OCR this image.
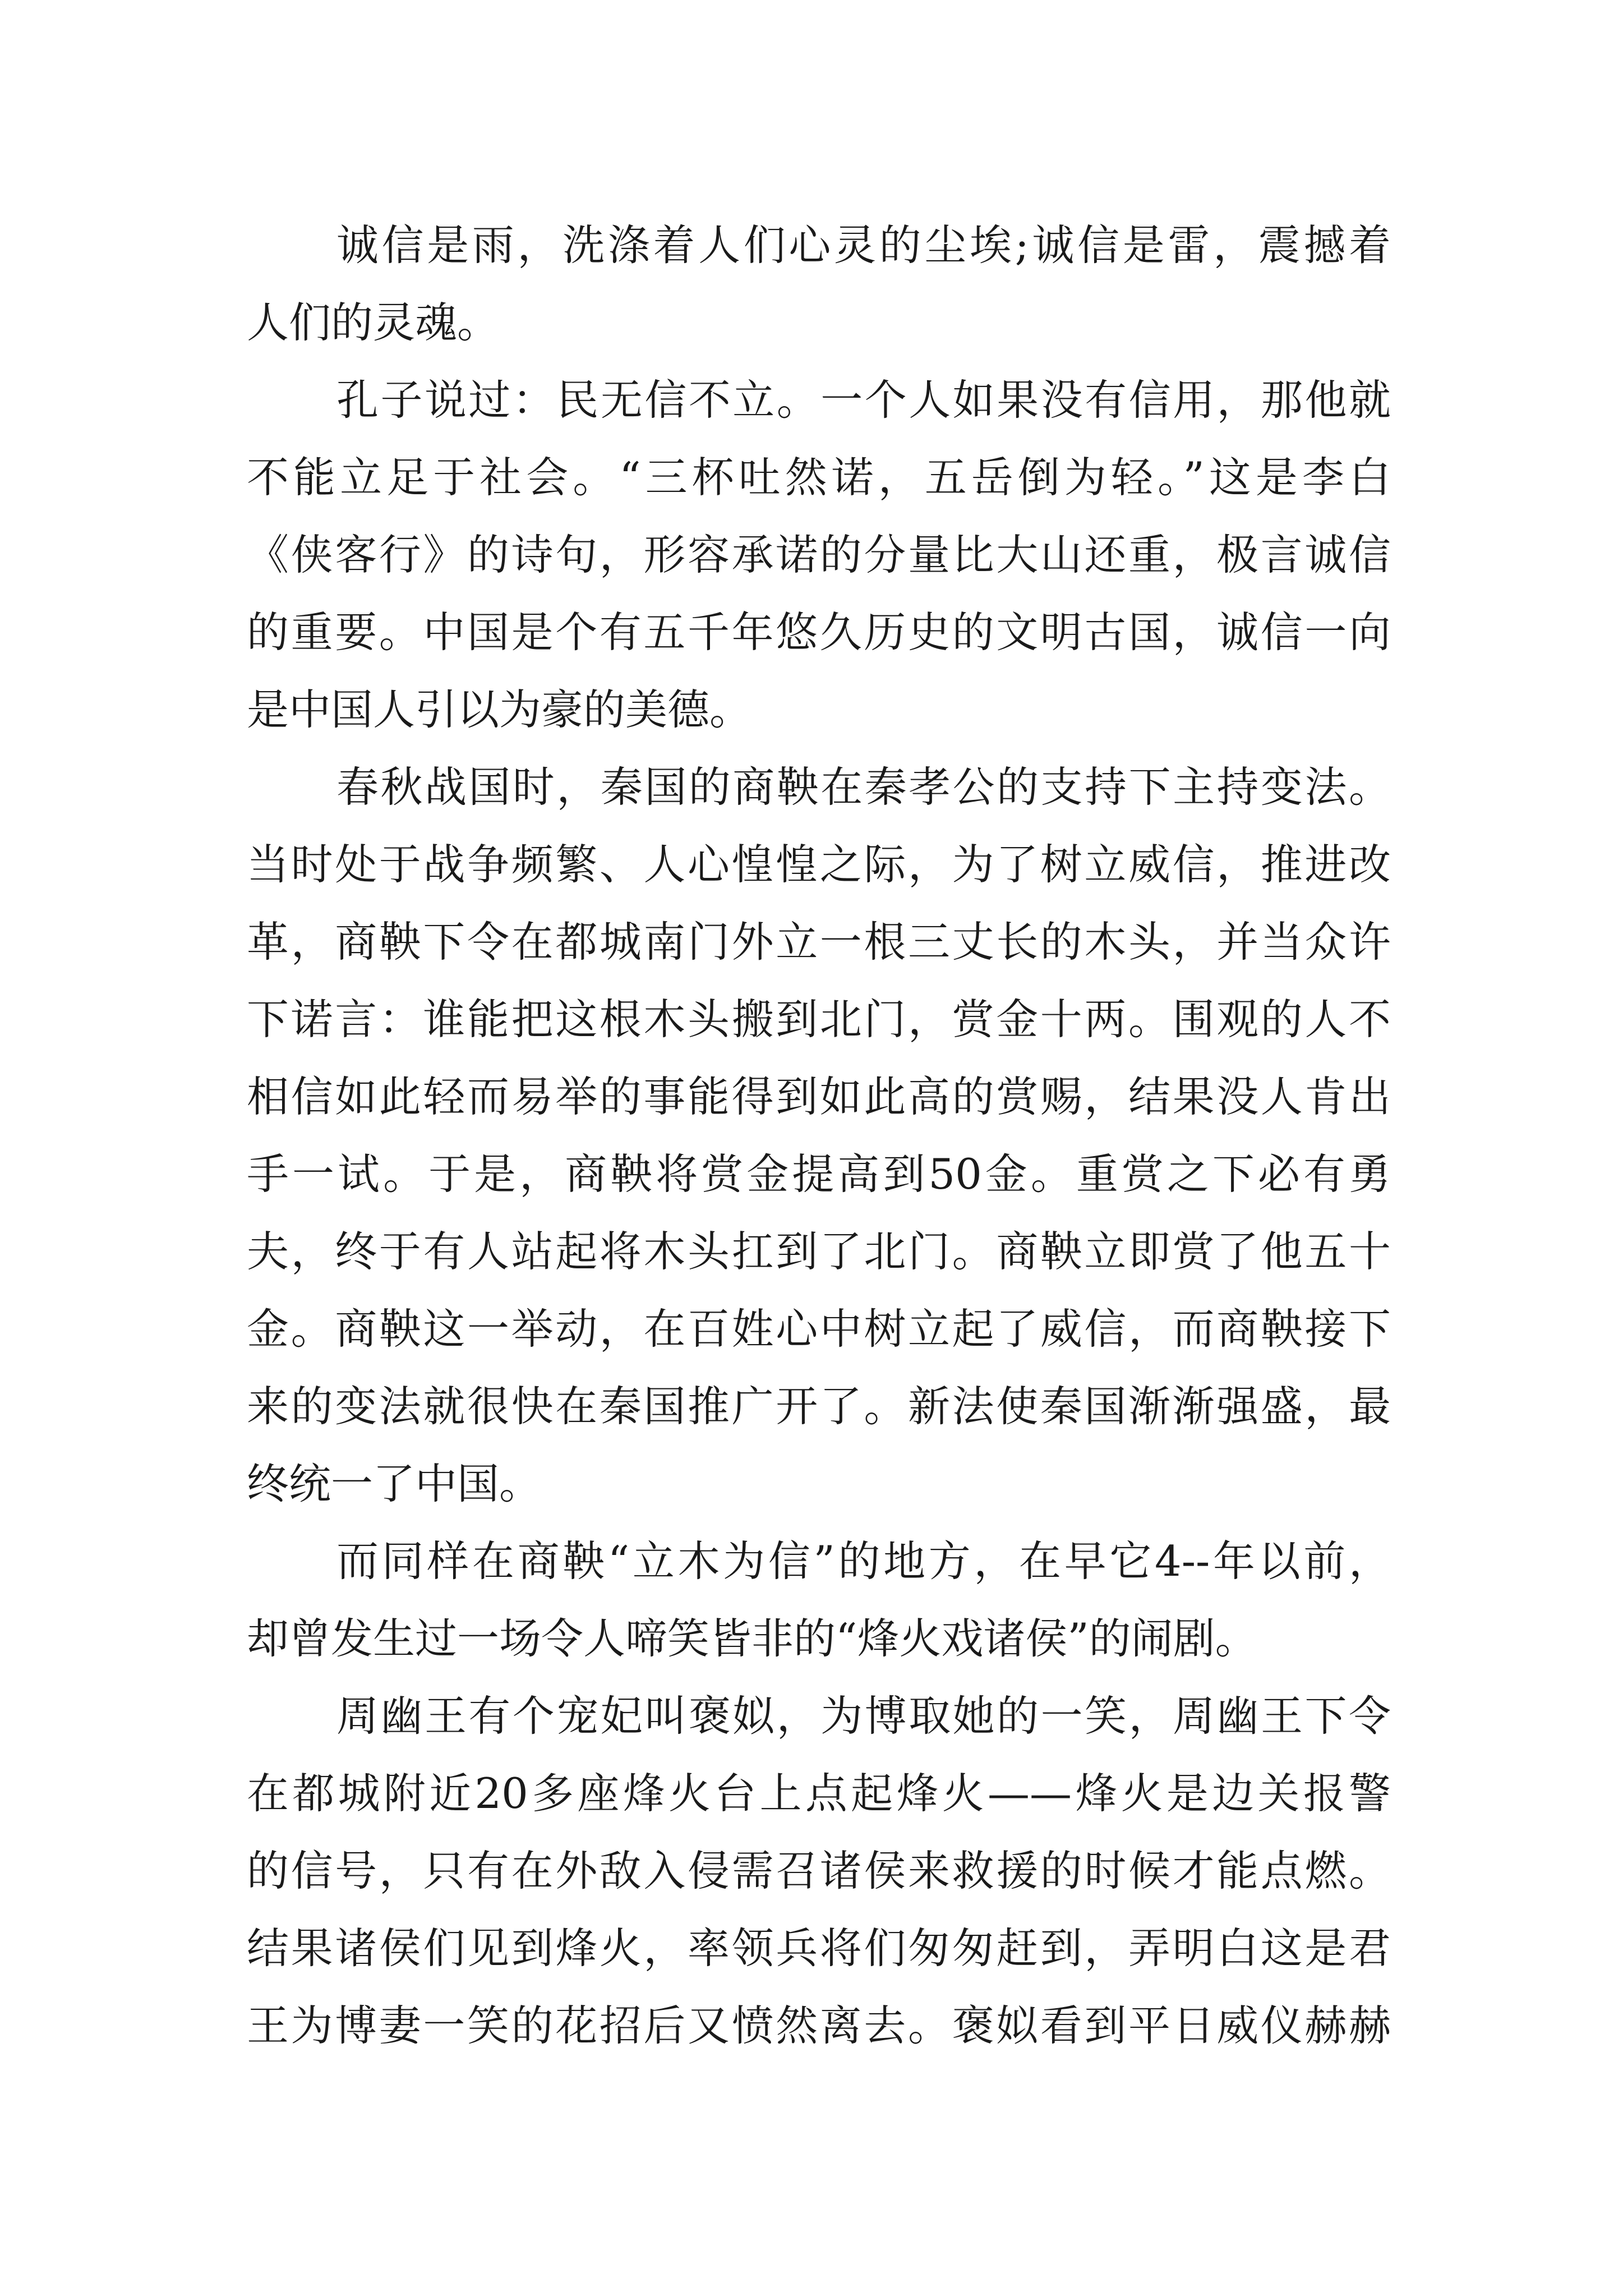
诚信是雨，洗涤着人们心灵的尘埃;诚信是雷，震撼着
人们的灵魂。
孔子说过：民无信不立。一个人如果没有信用，那他就
不能立足于社会。“三杯吐然诺，五岳倒为轻。”这是李白
《侠客行》的诗句，形容承诺的分量比大山还重，极言诚信
的重要。中国是个有五千年悠久历史的文明古国，诚信一向
是中国人引以为豪的美德。
春秋战国时，秦国的商鞅在秦孝公的支持下主持变法。
当时处于战争频繁、人心惶惶之际，为了树立威信，推进改
革，商鞅下令在都城南门外立一根三丈长的木头，并当众许
下诺言：谁能把这根木头搬到北门，赏金十两。围观的人不
相信如此轻而易举的事能得到如此高的赏赐，结果没人肯出
手一试。于是，商鞅将赏金提高到50金。重赏之下必有勇
夫，终于有人站起将木头扛到了北门。商鞅立即赏了他五十
金。商鞅这一举动，在百姓心中树立起了威信，而商鞅接下
来的变法就很快在秦国推广开了。新法使秦国渐渐强盛，最
终统一了中国。
而同样在商鞅“立木为信”的地方，在早它4--年以前，
却曾发生过一场令人啼笑皆非的“烽火戏诸侯”的闹剧。
周幽王有个宠妃叫褒姒，为博取她的一笑，周幽王下令
在都城附近20多座烽火台上点起烽火——烽火是边关报警
的信号，只有在外敌入侵需召诸侯来救援的时候才能点燃。
结果诸侯们见到烽火，率领兵将们匆匆赶到，弄明白这是君
王为博妻一笑的花招后又愤然离去。褒姒看到平日威仪赫赫
